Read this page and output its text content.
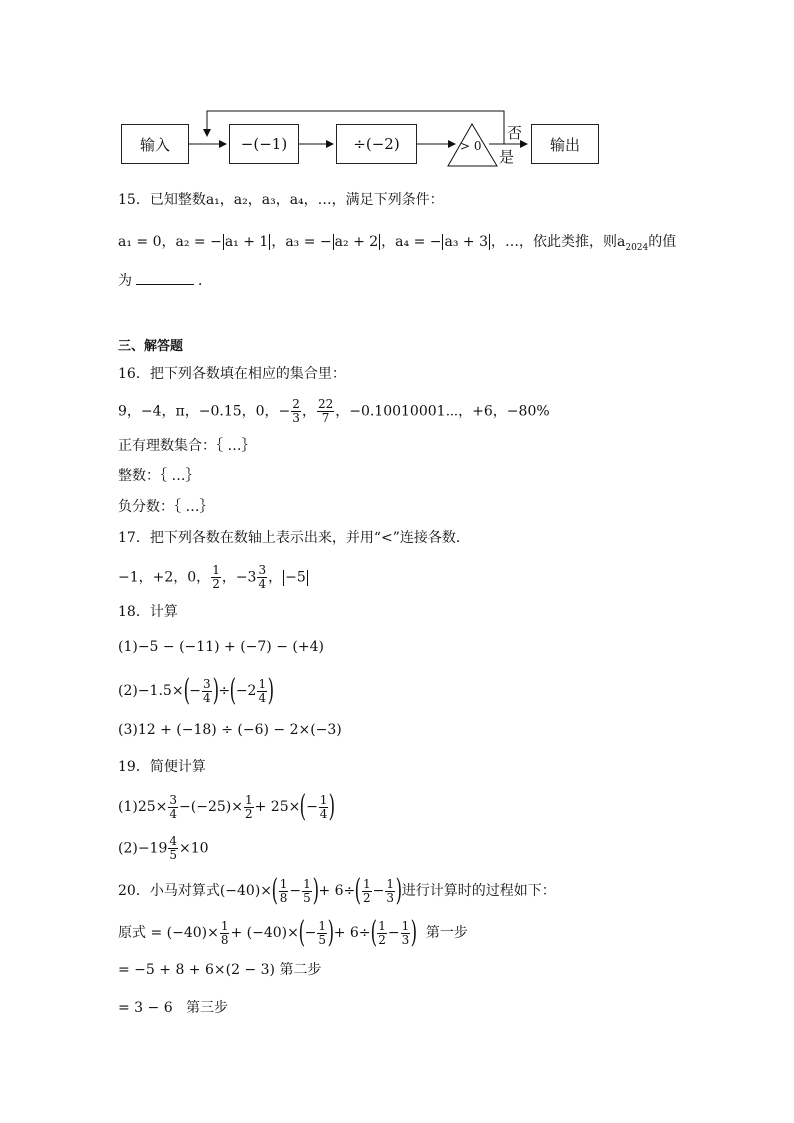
输入	−(−1)	÷(−2)	> 0
否
是
输出
15．已知整数a₁，a₂，a₃，a₄，…，满足下列条件：
a₁ = 0，a₂ = − a₁ + 1 ，a₃ = − a₂ + 2 ，a₄ = − a₃ + 3 ，…，依此类推，则$a_{2024}$的值
为	．
三、解答题
16．把下列各数填在相应的集合里：
9，−4，π，−0.15̇，0，− $\frac{2}{3}$ ， $\frac{22}{7}$ ，−0.10010001⋯，+6，−80%
正有理数集合：｛ …｝
整数：｛ …｝
负分数：｛ …｝
17．把下列各数在数轴上表示出来，并用“<”连接各数．
−1，+2，0， $\frac{1}{2}$ ，$-3 \frac{3}{4}$ ， −5
18．计算
(1)−5 − (−11) + (−7) − (+4)
$(2)-1.5\times(- \frac{3}{4} )\div(-2 \frac{1}{4}$ )
(3)12 + (−18) ÷ (−6) − 2×(−3)
19．简便计算
$(1)25\times \frac{3}{4} -(-25)\times \frac{1}{2} + 25\times(- \frac{1}{4}$ )
$(2)-19 \frac{4}{5} \times 10$
20．小马对算式$(-40)\times( \frac{1}{8} - \frac{1}{5}$ )+ $6\div( \frac{1}{2} - \frac{1}{3}$ )进行计算时的过程如下：
原式 = $(-40)\times \frac{1}{8} + (-40)\times(- \frac{1}{5}$ )+ $6\div( \frac{1}{2} - \frac{1}{3}$ ) 第一步
= −5 + 8 + 6×(2 − 3) 第二步
= 3 − 6 第三步
